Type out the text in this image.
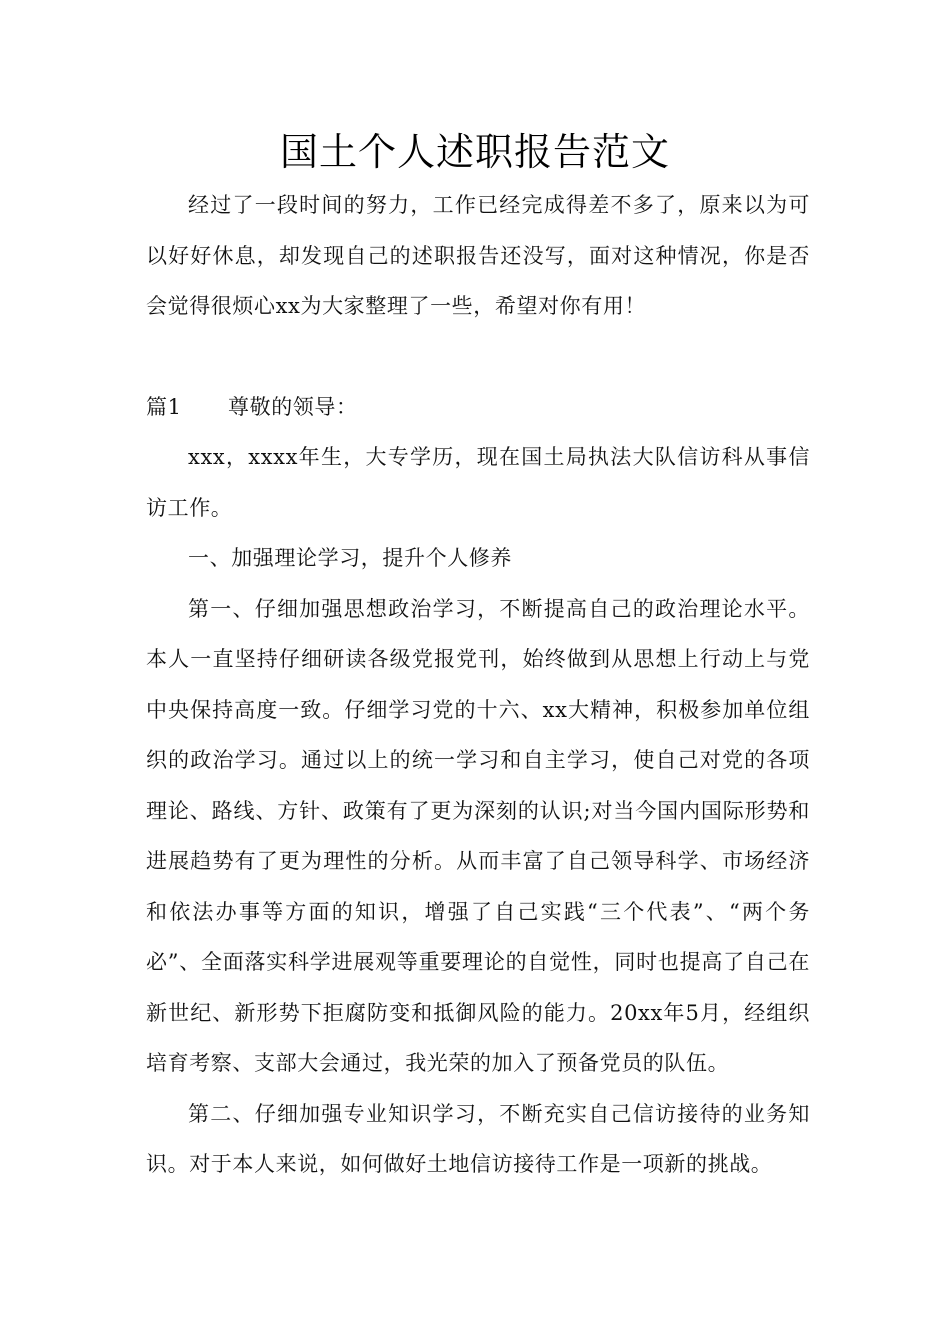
国土个人述职报告范文

经过了一段时间的努力，工作已经完成得差不多了，原来以为可以好好休息，却发现自己的述职报告还没写，面对这种情况，你是否会觉得很烦心xx为大家整理了一些，希望对你有用！

篇1 尊敬的领导：

xxx，xxxx年生，大专学历，现在国土局执法大队信访科从事信访工作。

一、加强理论学习，提升个人修养

第一、仔细加强思想政治学习，不断提高自己的政治理论水平。本人一直坚持仔细研读各级党报党刊，始终做到从思想上行动上与党中央保持高度一致。仔细学习党的十六、xx大精神，积极参加单位组织的政治学习。通过以上的统一学习和自主学习，使自己对党的各项理论、路线、方针、政策有了更为深刻的认识;对当今国内国际形势和进展趋势有了更为理性的分析。从而丰富了自己领导科学、市场经济和依法办事等方面的知识，增强了自己实践“三个代表”、“两个务必”、全面落实科学进展观等重要理论的自觉性，同时也提高了自己在新世纪、新形势下拒腐防变和抵御风险的能力。20xx年5月，经组织培育考察、支部大会通过，我光荣的加入了预备党员的队伍。

第二、仔细加强专业知识学习，不断充实自己信访接待的业务知识。对于本人来说，如何做好土地信访接待工作是一项新的挑战。
